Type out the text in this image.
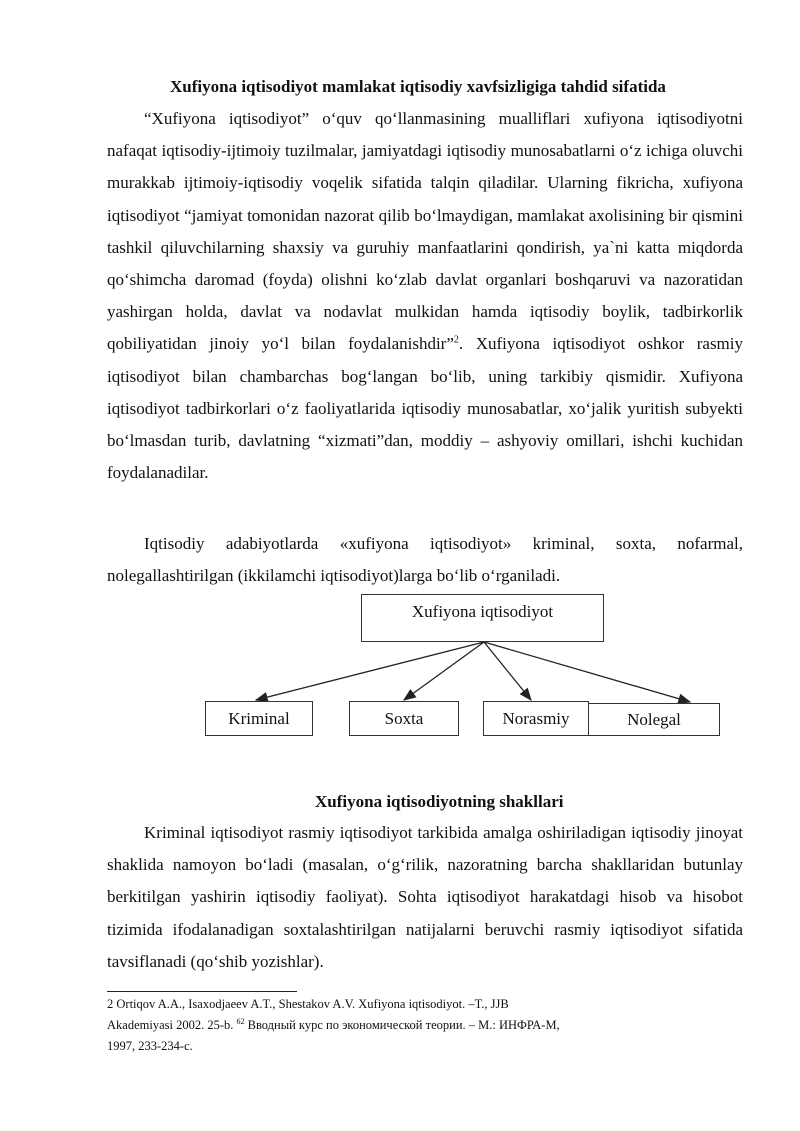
Xufiyona iqtisodiyot mamlakat iqtisodiy xavfsizligiga tahdid sifatida

“Xufiyona iqtisodiyot” o‘quv qo‘llanmasining mualliflari xufiyona iqtisodiyotni nafaqat iqtisodiy-ijtimoiy tuzilmalar, jamiyatdagi iqtisodiy munosabatlarni o‘z ichiga oluvchi murakkab ijtimoiy-iqtisodiy voqelik sifatida talqin qiladilar. Ularning fikricha, xufiyona iqtisodiyot “jamiyat tomonidan nazorat qilib bo‘lmaydigan, mamlakat axolisining bir qismini tashkil qiluvchilarning shaxsiy va guruhiy manfaatlarini qondirish, ya`ni katta miqdorda qo‘shimcha daromad (foyda) olishni ko‘zlab davlat organlari boshqaruvi va nazoratidan yashirgan holda, davlat va nodavlat mulkidan hamda iqtisodiy boylik, tadbirkorlik qobiliyatidan jinoiy yo‘l bilan foydalanishdir”$^2$. Xufiyona iqtisodiyot oshkor rasmiy iqtisodiyot bilan chambarchas bog‘langan bo‘lib, uning tarkibiy qismidir. Xufiyona iqtisodiyot tadbirkorlari o‘z faoliyatlarida iqtisodiy munosabatlar, xo‘jalik yuritish subyekti bo‘lmasdan turib, davlatning “xizmati”dan, moddiy – ashyoviy omillari, ishchi kuchidan foydalanadilar.

Iqtisodiy adabiyotlarda «xufiyona iqtisodiyot» kriminal, soxta, nofarmal, nolegallashtirilgan (ikkilamchi iqtisodiyot)larga bo‘lib o‘rganiladi.

Xufiyona iqtisodiyot
Kriminal	Soxta	Norasmiy	Nolegal
Xufiyona iqtisodiyotning shakllari

Kriminal iqtisodiyot rasmiy iqtisodiyot tarkibida amalga oshiriladigan iqtisodiy jinoyat shaklida namoyon bo‘ladi (masalan, o‘g‘rilik, nazoratning barcha shakllaridan butunlay berkitilgan yashirin iqtisodiy faoliyat). Sohta iqtisodiyot harakatdagi hisob va hisobot tizimida ifodalanadigan soxtalashtirilgan natijalarni beruvchi rasmiy iqtisodiyot sifatida tavsiflanadi (qo‘shib yozishlar).

2 Ortiqov A.A., Isaxodjaeev A.T., Shestakov A.V. Xufiyona iqtisodiyot. –T., JJB
Akademiyasi 2002. 25-b. $^{62}$ Вводный курс по экономической теории. – М.: ИНФРА-М,
1997, 233-234-с.
